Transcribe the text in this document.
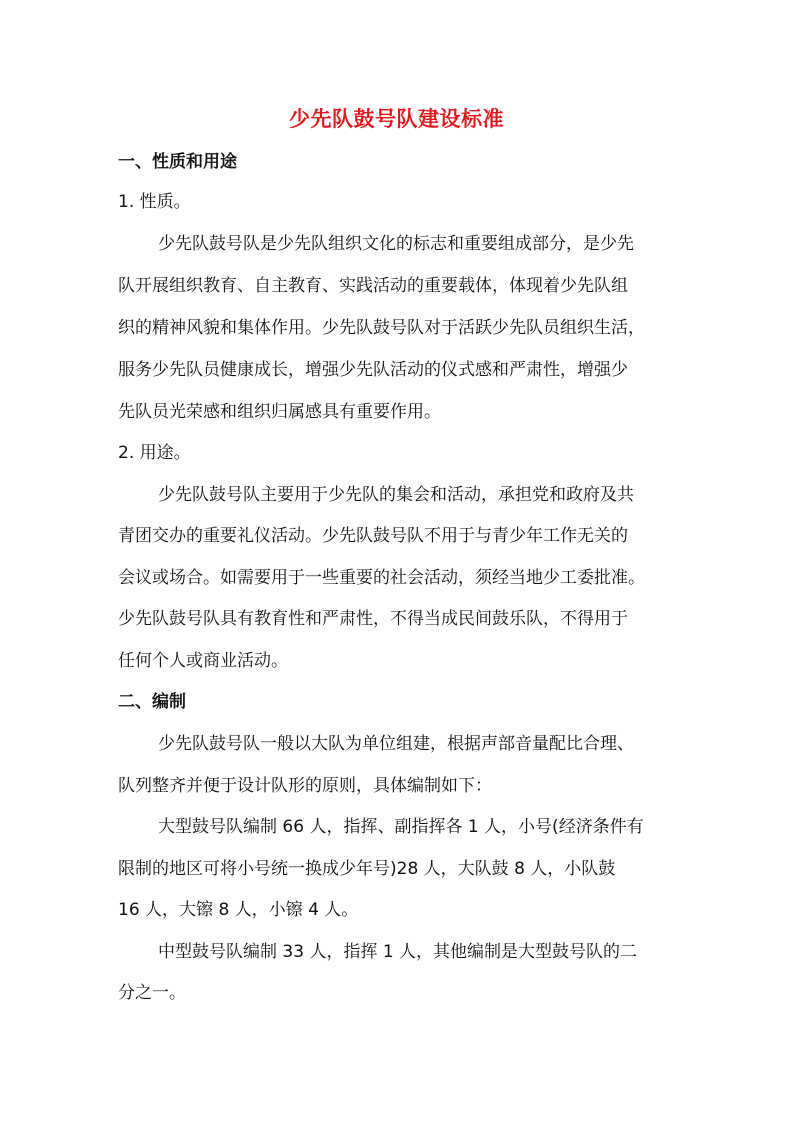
少先队鼓号队建设标准
一、性质和用途
1. 性质。
少先队鼓号队是少先队组织文化的标志和重要组成部分，是少先
队开展组织教育、自主教育、实践活动的重要载体，体现着少先队组
织的精神风貌和集体作用。少先队鼓号队对于活跃少先队员组织生活，
服务少先队员健康成长，增强少先队活动的仪式感和严肃性，增强少
先队员光荣感和组织归属感具有重要作用。
2. 用途。
少先队鼓号队主要用于少先队的集会和活动，承担党和政府及共
青团交办的重要礼仪活动。少先队鼓号队不用于与青少年工作无关的
会议或场合。如需要用于一些重要的社会活动，须经当地少工委批准。
少先队鼓号队具有教育性和严肃性，不得当成民间鼓乐队，不得用于
任何个人或商业活动。
二、编制
少先队鼓号队一般以大队为单位组建，根据声部音量配比合理、
队列整齐并便于设计队形的原则，具体编制如下：
大型鼓号队编制 66 人，指挥、副指挥各 1 人，小号(经济条件有
限制的地区可将小号统一换成少年号)28 人，大队鼓 8 人，小队鼓
16 人，大镲 8 人，小镲 4 人。
中型鼓号队编制 33 人，指挥 1 人，其他编制是大型鼓号队的二
分之一。
